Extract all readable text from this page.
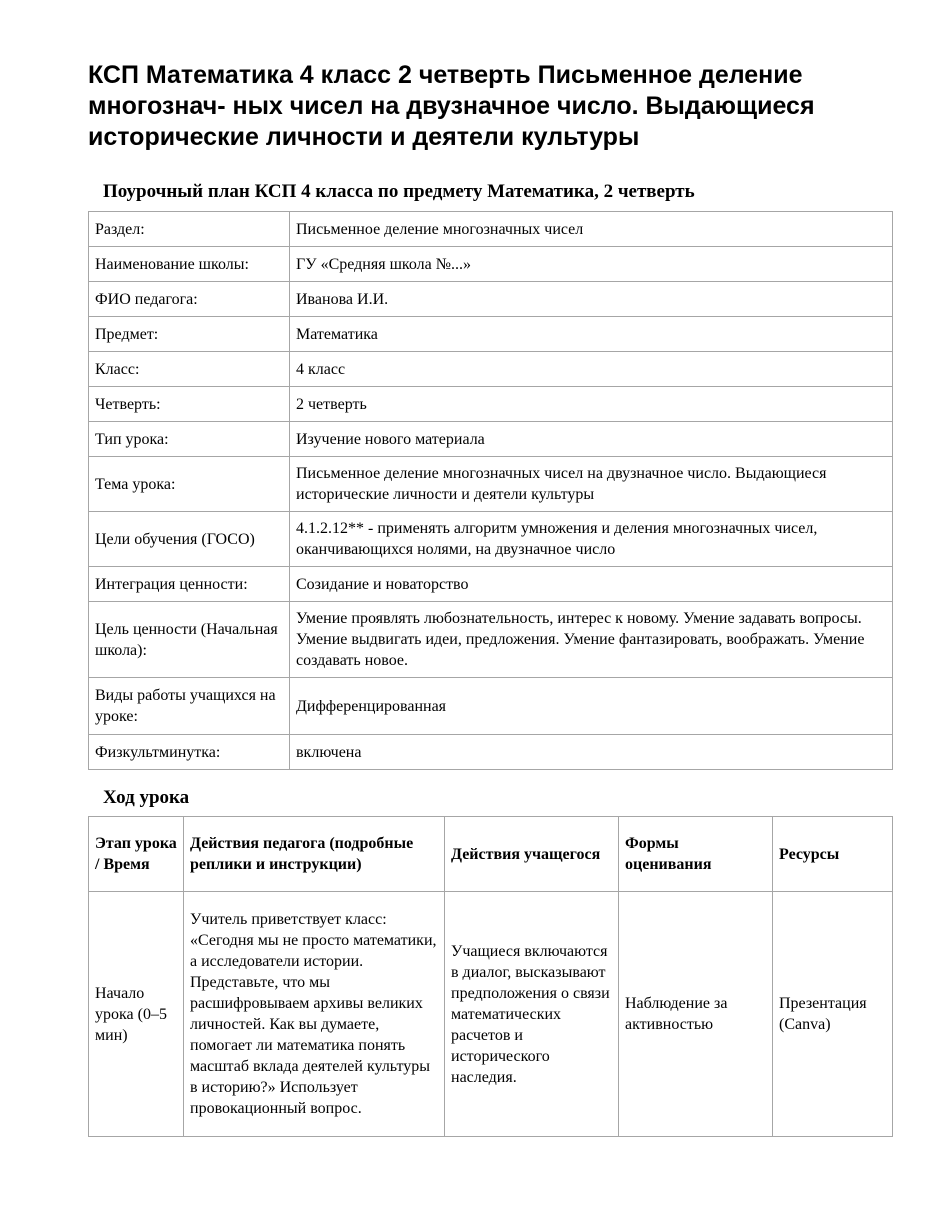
КСП Математика 4 класс 2 четверть Письменное деление многознач- ных чисел на двузначное число. Выдающиеся исторические личности и деятели культуры
Поурочный план КСП 4 класса по предмету Математика, 2 четверть
Раздел:	Письменное деление многозначных чисел
Наименование школы:	ГУ «Средняя школа №...»
ФИО педагога:	Иванова И.И.
Предмет:	Математика
Класс:	4 класс
Четверть:	2 четверть
Тип урока:	Изучение нового материала
Тема урока:	Письменное деление многозначных чисел на двузначное число. Выдающиеся исторические личности и деятели культуры
Цели обучения (ГОСО)	4.1.2.12** - применять алгоритм умножения и деления многозначных чисел, оканчивающихся нолями, на двузначное число
Интеграция ценности:	Созидание и новаторство
Цель ценности (Начальная школа):	Умение проявлять любознательность, интерес к новому. Умение задавать вопросы. Умение выдвигать идеи, предложения. Умение фантазировать, воображать. Умение создавать новое.
Виды работы учащихся на уроке:	Дифференцированная
Физкультминутка:	включена
Ход урока
Этап урока / Время	Действия педагога (подробные реплики и инструкции)	Действия учащегося	Формы оценивания	Ресурсы
Начало урока (0–5 мин)	Учитель приветствует класс: «Сегодня мы не просто математики, а исследователи истории. Представьте, что мы расшифровываем архивы великих личностей. Как вы думаете, помогает ли математика понять масштаб вклада деятелей культуры в историю?» Использует провокационный вопрос.	Учащиеся включаются в диалог, высказывают предположения о связи математических расчетов и исторического наследия.	Наблюдение за активностью	Презентация (Canva)
